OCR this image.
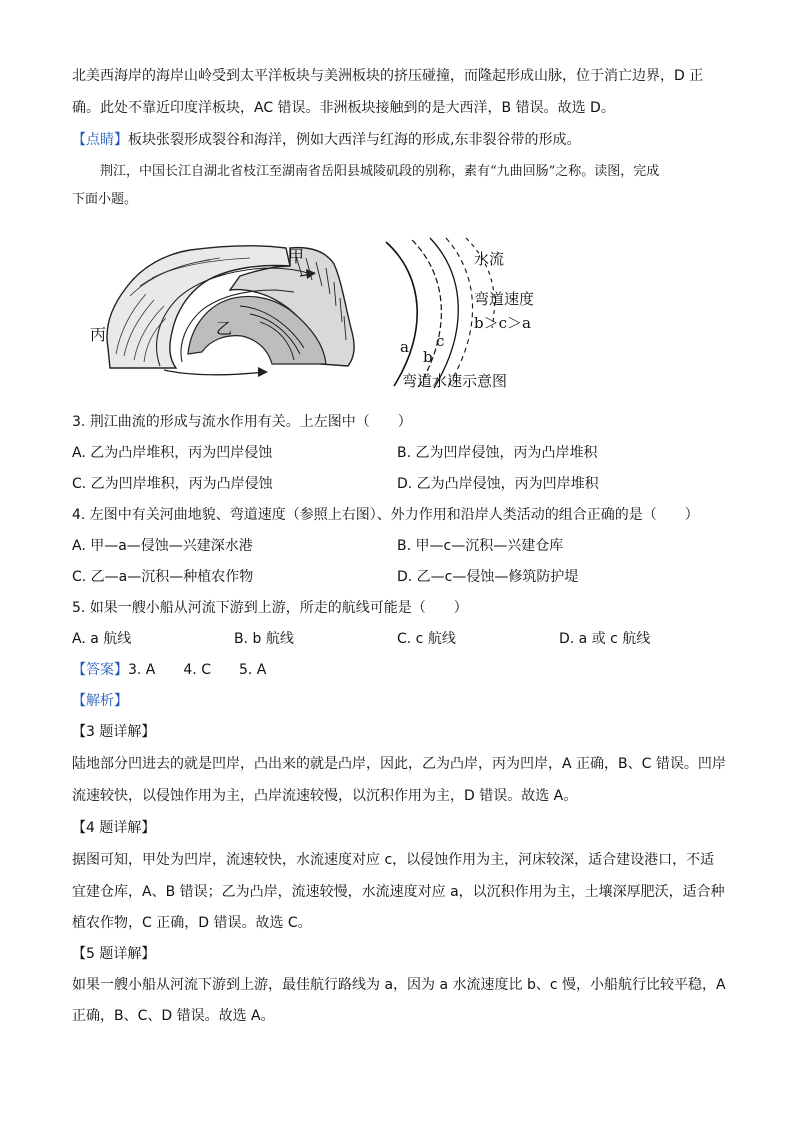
北美西海岸的海岸山岭受到太平洋板块与美洲板块的挤压碰撞，而隆起形成山脉，位于消亡边界，D 正
确。此处不靠近印度洋板块，AC 错误。非洲板块接触到的是大西洋，B 错误。故选 D。
【点睛】板块张裂形成裂谷和海洋，例如大西洋与红海的形成,东非裂谷带的形成。
荆江，中国长江自湖北省枝江至湖南省岳阳县城陵矶段的别称，素有“九曲回肠”之称。读图，完成
下面小题。
甲
乙
丙
水流
弯道速度
b＞c＞a
a
b
c
弯道水速示意图
3. 荆江曲流的形成与流水作用有关。上左图中（　　）
A. 乙为凸岸堆积，丙为凹岸侵蚀	B. 乙为凹岸侵蚀，丙为凸岸堆积
C. 乙为凹岸堆积，丙为凸岸侵蚀	D. 乙为凸岸侵蚀，丙为凹岸堆积
4. 左图中有关河曲地貌、弯道速度（参照上右图）、外力作用和沿岸人类活动的组合正确的是（　　）
A. 甲—a—侵蚀—兴建深水港	B. 甲—c—沉积—兴建仓库
C. 乙—a—沉积—种植农作物	D. 乙—c—侵蚀—修筑防护堤
5. 如果一艘小船从河流下游到上游，所走的航线可能是（　　）
A. a 航线	B. b 航线	C. c 航线	D. a 或 c 航线
【答案】3. A　　4. C　　5. A
【解析】
【3 题详解】
陆地部分凹进去的就是凹岸，凸出来的就是凸岸，因此，乙为凸岸，丙为凹岸，A 正确，B、C 错误。凹岸
流速较快，以侵蚀作用为主，凸岸流速较慢，以沉积作用为主，D 错误。故选 A。
【4 题详解】
据图可知，甲处为凹岸，流速较快，水流速度对应 c，以侵蚀作用为主，河床较深，适合建设港口，不适
宜建仓库，A、B 错误；乙为凸岸，流速较慢，水流速度对应 a，以沉积作用为主，土壤深厚肥沃，适合种
植农作物，C 正确，D 错误。故选 C。
【5 题详解】
如果一艘小船从河流下游到上游，最佳航行路线为 a，因为 a 水流速度比 b、c 慢，小船航行比较平稳，A
正确，B、C、D 错误。故选 A。
